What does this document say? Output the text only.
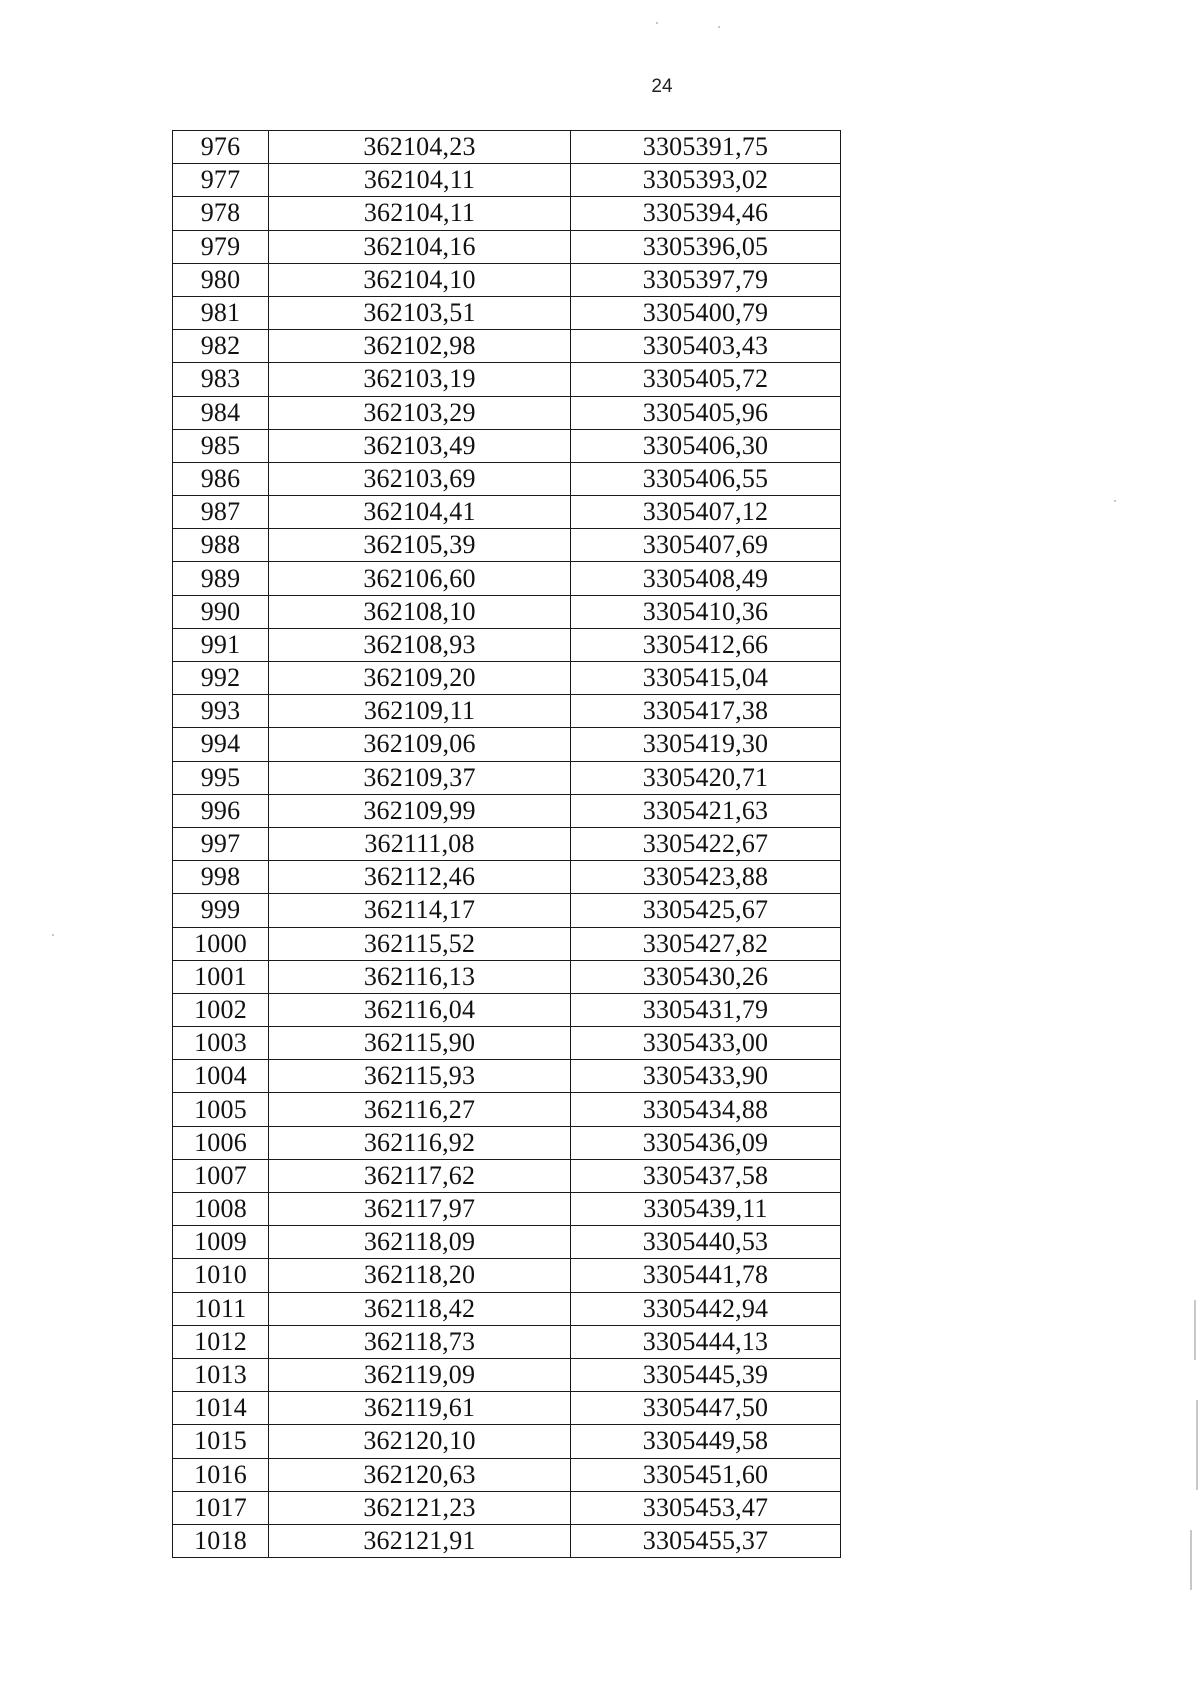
24
976	362104,23	3305391,75
977	362104,11	3305393,02
978	362104,11	3305394,46
979	362104,16	3305396,05
980	362104,10	3305397,79
981	362103,51	3305400,79
982	362102,98	3305403,43
983	362103,19	3305405,72
984	362103,29	3305405,96
985	362103,49	3305406,30
986	362103,69	3305406,55
987	362104,41	3305407,12
988	362105,39	3305407,69
989	362106,60	3305408,49
990	362108,10	3305410,36
991	362108,93	3305412,66
992	362109,20	3305415,04
993	362109,11	3305417,38
994	362109,06	3305419,30
995	362109,37	3305420,71
996	362109,99	3305421,63
997	362111,08	3305422,67
998	362112,46	3305423,88
999	362114,17	3305425,67
1000	362115,52	3305427,82
1001	362116,13	3305430,26
1002	362116,04	3305431,79
1003	362115,90	3305433,00
1004	362115,93	3305433,90
1005	362116,27	3305434,88
1006	362116,92	3305436,09
1007	362117,62	3305437,58
1008	362117,97	3305439,11
1009	362118,09	3305440,53
1010	362118,20	3305441,78
1011	362118,42	3305442,94
1012	362118,73	3305444,13
1013	362119,09	3305445,39
1014	362119,61	3305447,50
1015	362120,10	3305449,58
1016	362120,63	3305451,60
1017	362121,23	3305453,47
1018	362121,91	3305455,37
